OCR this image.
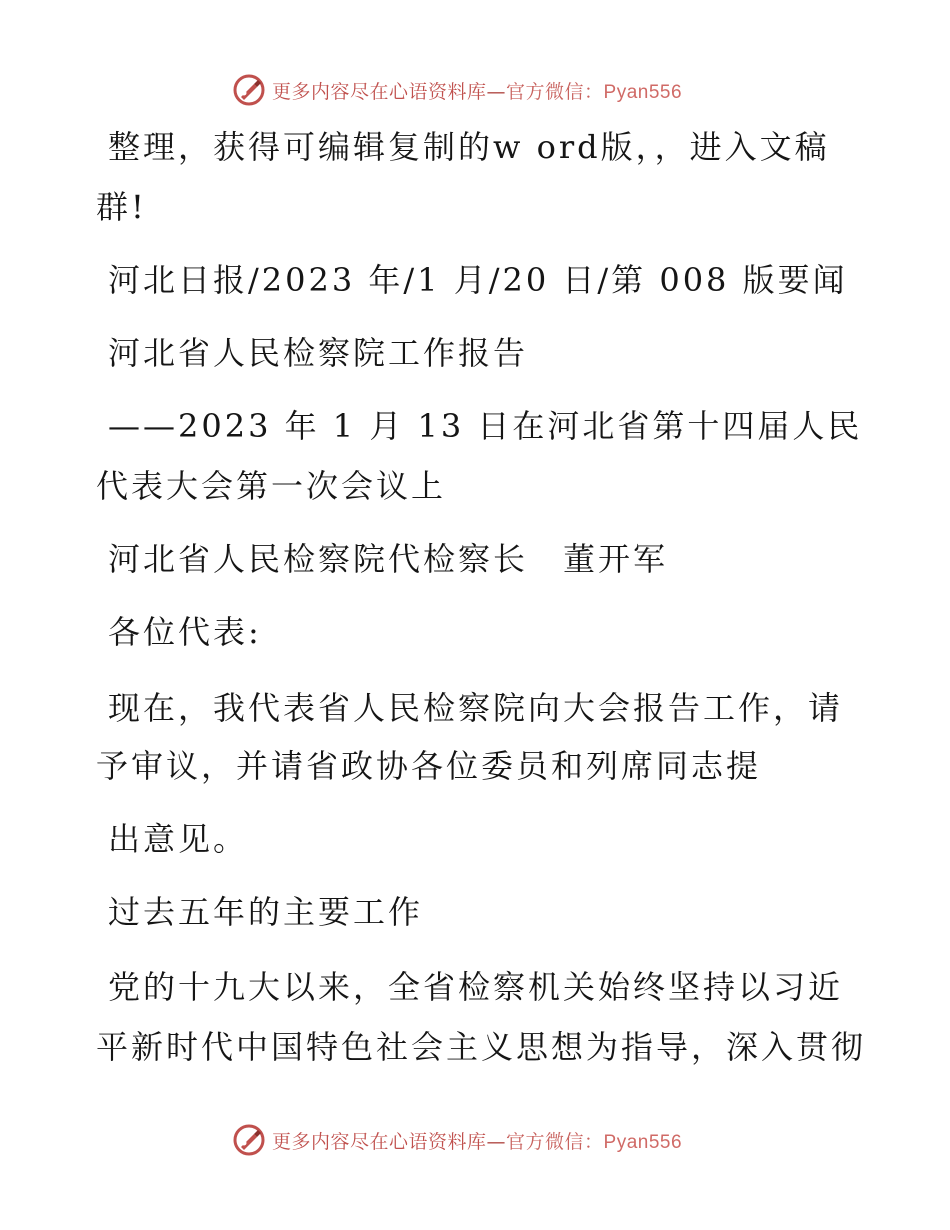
更多内容尽在心语资料库—官方微信：Pyan556
整理，获得可编辑复制的w ord版，，进入文稿
群!
河北日报/2023 年/1 月/20 日/第 008 版要闻
河北省人民检察院工作报告
——2023 年 1 月 13 日在河北省第十四届人民
代表大会第一次会议上
河北省人民检察院代检察长　董开军
各位代表:
现在，我代表省人民检察院向大会报告工作，请
予审议，并请省政协各位委员和列席同志提
出意见。
过去五年的主要工作
党的十九大以来，全省检察机关始终坚持以习近
平新时代中国特色社会主义思想为指导，深入贯彻
更多内容尽在心语资料库—官方微信：Pyan556
